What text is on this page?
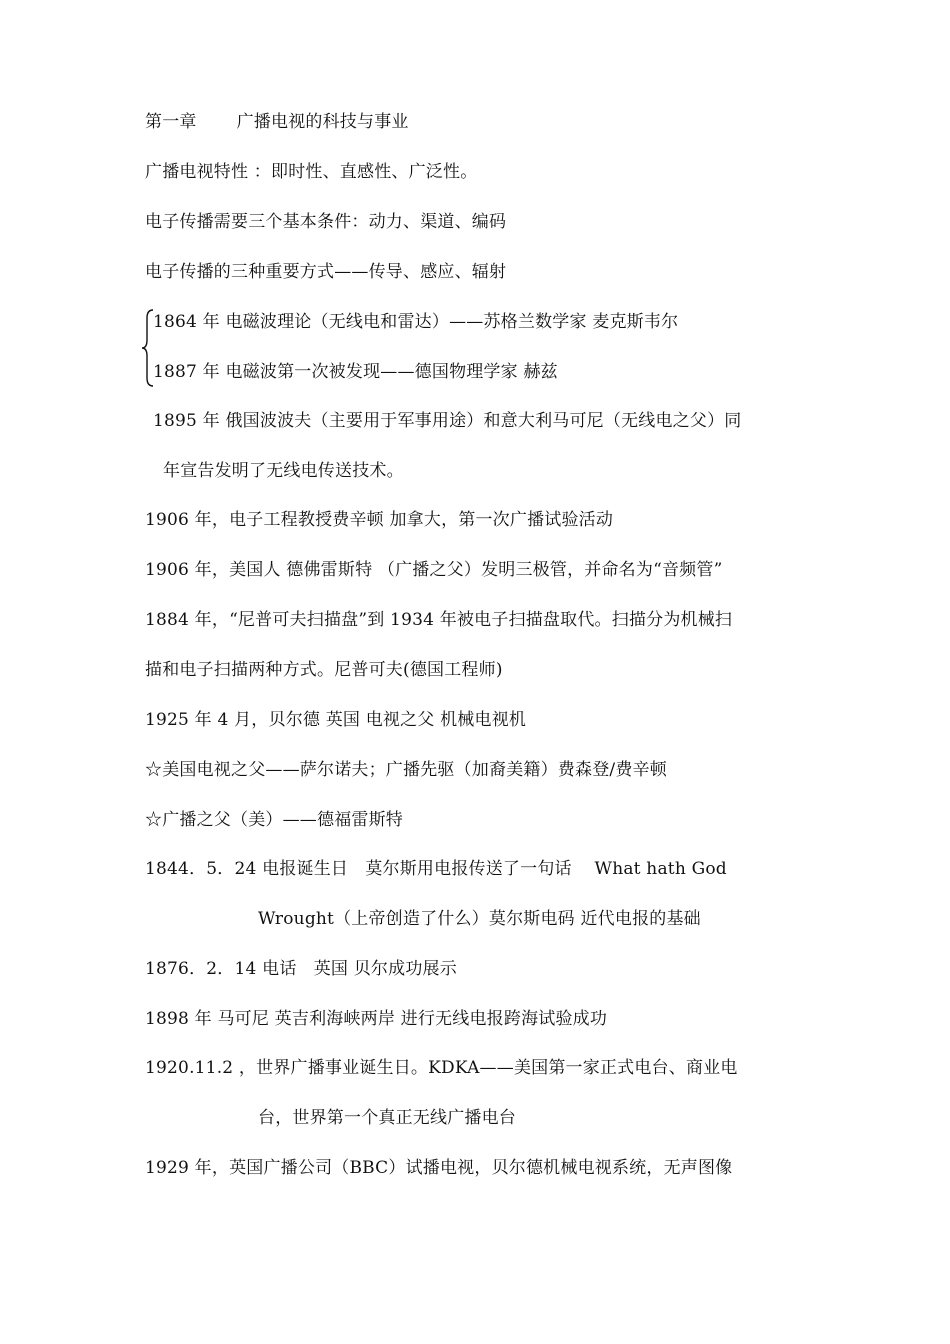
第一章　　 广播电视的科技与事业
广播电视特性 ：即时性、直感性、广泛性。
电子传播需要三个基本条件：动力、渠道、编码
电子传播的三种重要方式——传导、感应、辐射
1864 年 电磁波理论（无线电和雷达）——苏格兰数学家 麦克斯韦尔
1887 年 电磁波第一次被发现——德国物理学家 赫兹
1895 年 俄国波波夫（主要用于军事用途）和意大利马可尼（无线电之父）同
年宣告发明了无线电传送技术。
1906 年，电子工程教授费辛顿 加拿大，第一次广播试验活动
1906 年，美国人 德佛雷斯特 （广播之父）发明三极管，并命名为“音频管”
1884 年，“尼普可夫扫描盘”到 1934 年被电子扫描盘取代。扫描分为机械扫
描和电子扫描两种方式。尼普可夫(德国工程师)
1925 年 4 月，贝尔德 英国 电视之父 机械电视机
☆美国电视之父——萨尔诺夫；广播先驱（加裔美籍）费森登/费辛顿
☆广播之父（美）——德福雷斯特
1844．5．24 电报诞生日　莫尔斯用电报传送了一句话　 What hath God
Wrought（上帝创造了什么）莫尔斯电码 近代电报的基础
1876．2．14 电话　英国 贝尔成功展示
1898 年 马可尼 英吉利海峡两岸 进行无线电报跨海试验成功
1920.11.2 ，世界广播事业诞生日。KDKA——美国第一家正式电台、商业电
台，世界第一个真正无线广播电台
1929 年，英国广播公司（BBC）试播电视，贝尔德机械电视系统，无声图像
